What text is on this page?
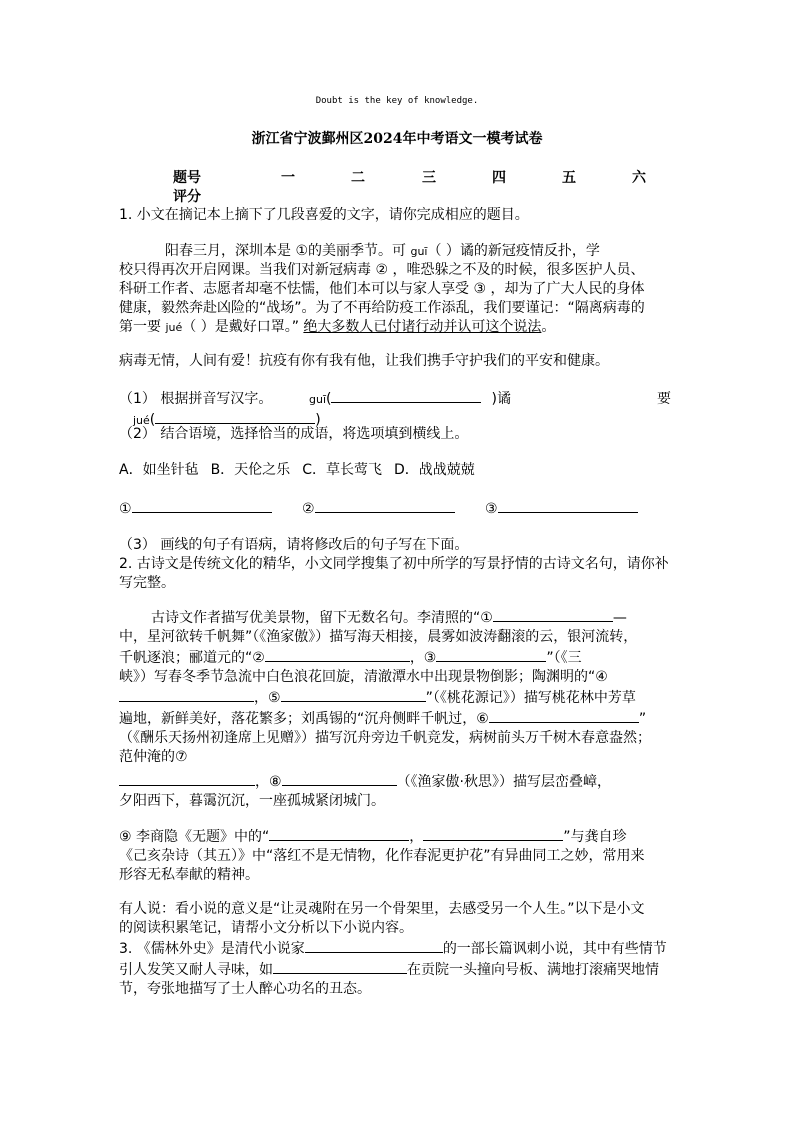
Doubt is the key of knowledge.
浙江省宁波鄞州区2024年中考语文一模考试卷
题号	一	二	三	四	五	六
评分
1. 小文在摘记本上摘下了几段喜爱的文字，请你完成相应的题目。
阳春三月，深圳本是 ①的美丽季节。可 guī（ ）谲的新冠疫情反扑，学
校只得再次开启网课。当我们对新冠病毒 ② ，唯恐躲之不及的时候，很多医护人员、
科研工作者、志愿者却毫不怯懦，他们本可以与家人享受 ③ ，却为了广大人民的身体
健康，毅然奔赴凶险的“战场”。为了不再给防疫工作添乱，我们要谨记：“隔离病毒的
第一要 jué（ ）是戴好口罩。” 绝大多数人已付诸行动并认可这个说法。
病毒无情，人间有爱！抗疫有你有我有他，让我们携手守护我们的平安和健康。
（1） 根据拼音写汉字。	guī (	)谲	要
jué (	)
（2） 结合语境，选择恰当的成语，将选项填到横线上。
A．如坐针毡 B．天伦之乐 C．草长莺飞 D．战战兢兢
①	②	③
（3） 画线的句子有语病，请将修改后的句子写在下面。
2. 古诗文是传统文化的精华，小文同学搜集了初中所学的写景抒情的古诗文名句，请你补
写完整。
古诗文作者描写优美景物，留下无数名句。李清照的“①	—
中，星河欲转千帆舞”（《渔家傲》）描写海天相接，晨雾如波涛翻滚的云，银河流转，
千帆逐浪；郦道元的“②	，③	”（《三
峡》）写春冬季节急流中白色浪花回旋，清澈潭水中出现景物倒影；陶渊明的“④
，⑤	”（《桃花源记》）描写桃花林中芳草
遍地，新鲜美好，落花繁多；刘禹锡的“沉舟侧畔千帆过，⑥	”
（《酬乐天扬州初逢席上见赠》）描写沉舟旁边千帆竞发，病树前头万千树木春意盎然；
范仲淹的⑦
，⑧	（《渔家傲·秋思》）描写层峦叠嶂，
夕阳西下，暮霭沉沉，一座孤城紧闭城门。
⑨ 李商隐《无题》中的“	，	”与龚自珍
《己亥杂诗（其五）》中“落红不是无情物，化作春泥更护花”有异曲同工之妙，常用来
形容无私奉献的精神。
有人说：看小说的意义是“让灵魂附在另一个骨架里，去感受另一个人生。”以下是小文
的阅读积累笔记，请帮小文分析以下小说内容。
3. 《儒林外史》是清代小说家	的一部长篇讽刺小说，其中有些情节
引人发笑又耐人寻味，如	在贡院一头撞向号板、满地打滚痛哭地情
节，夸张地描写了士人醉心功名的丑态。
